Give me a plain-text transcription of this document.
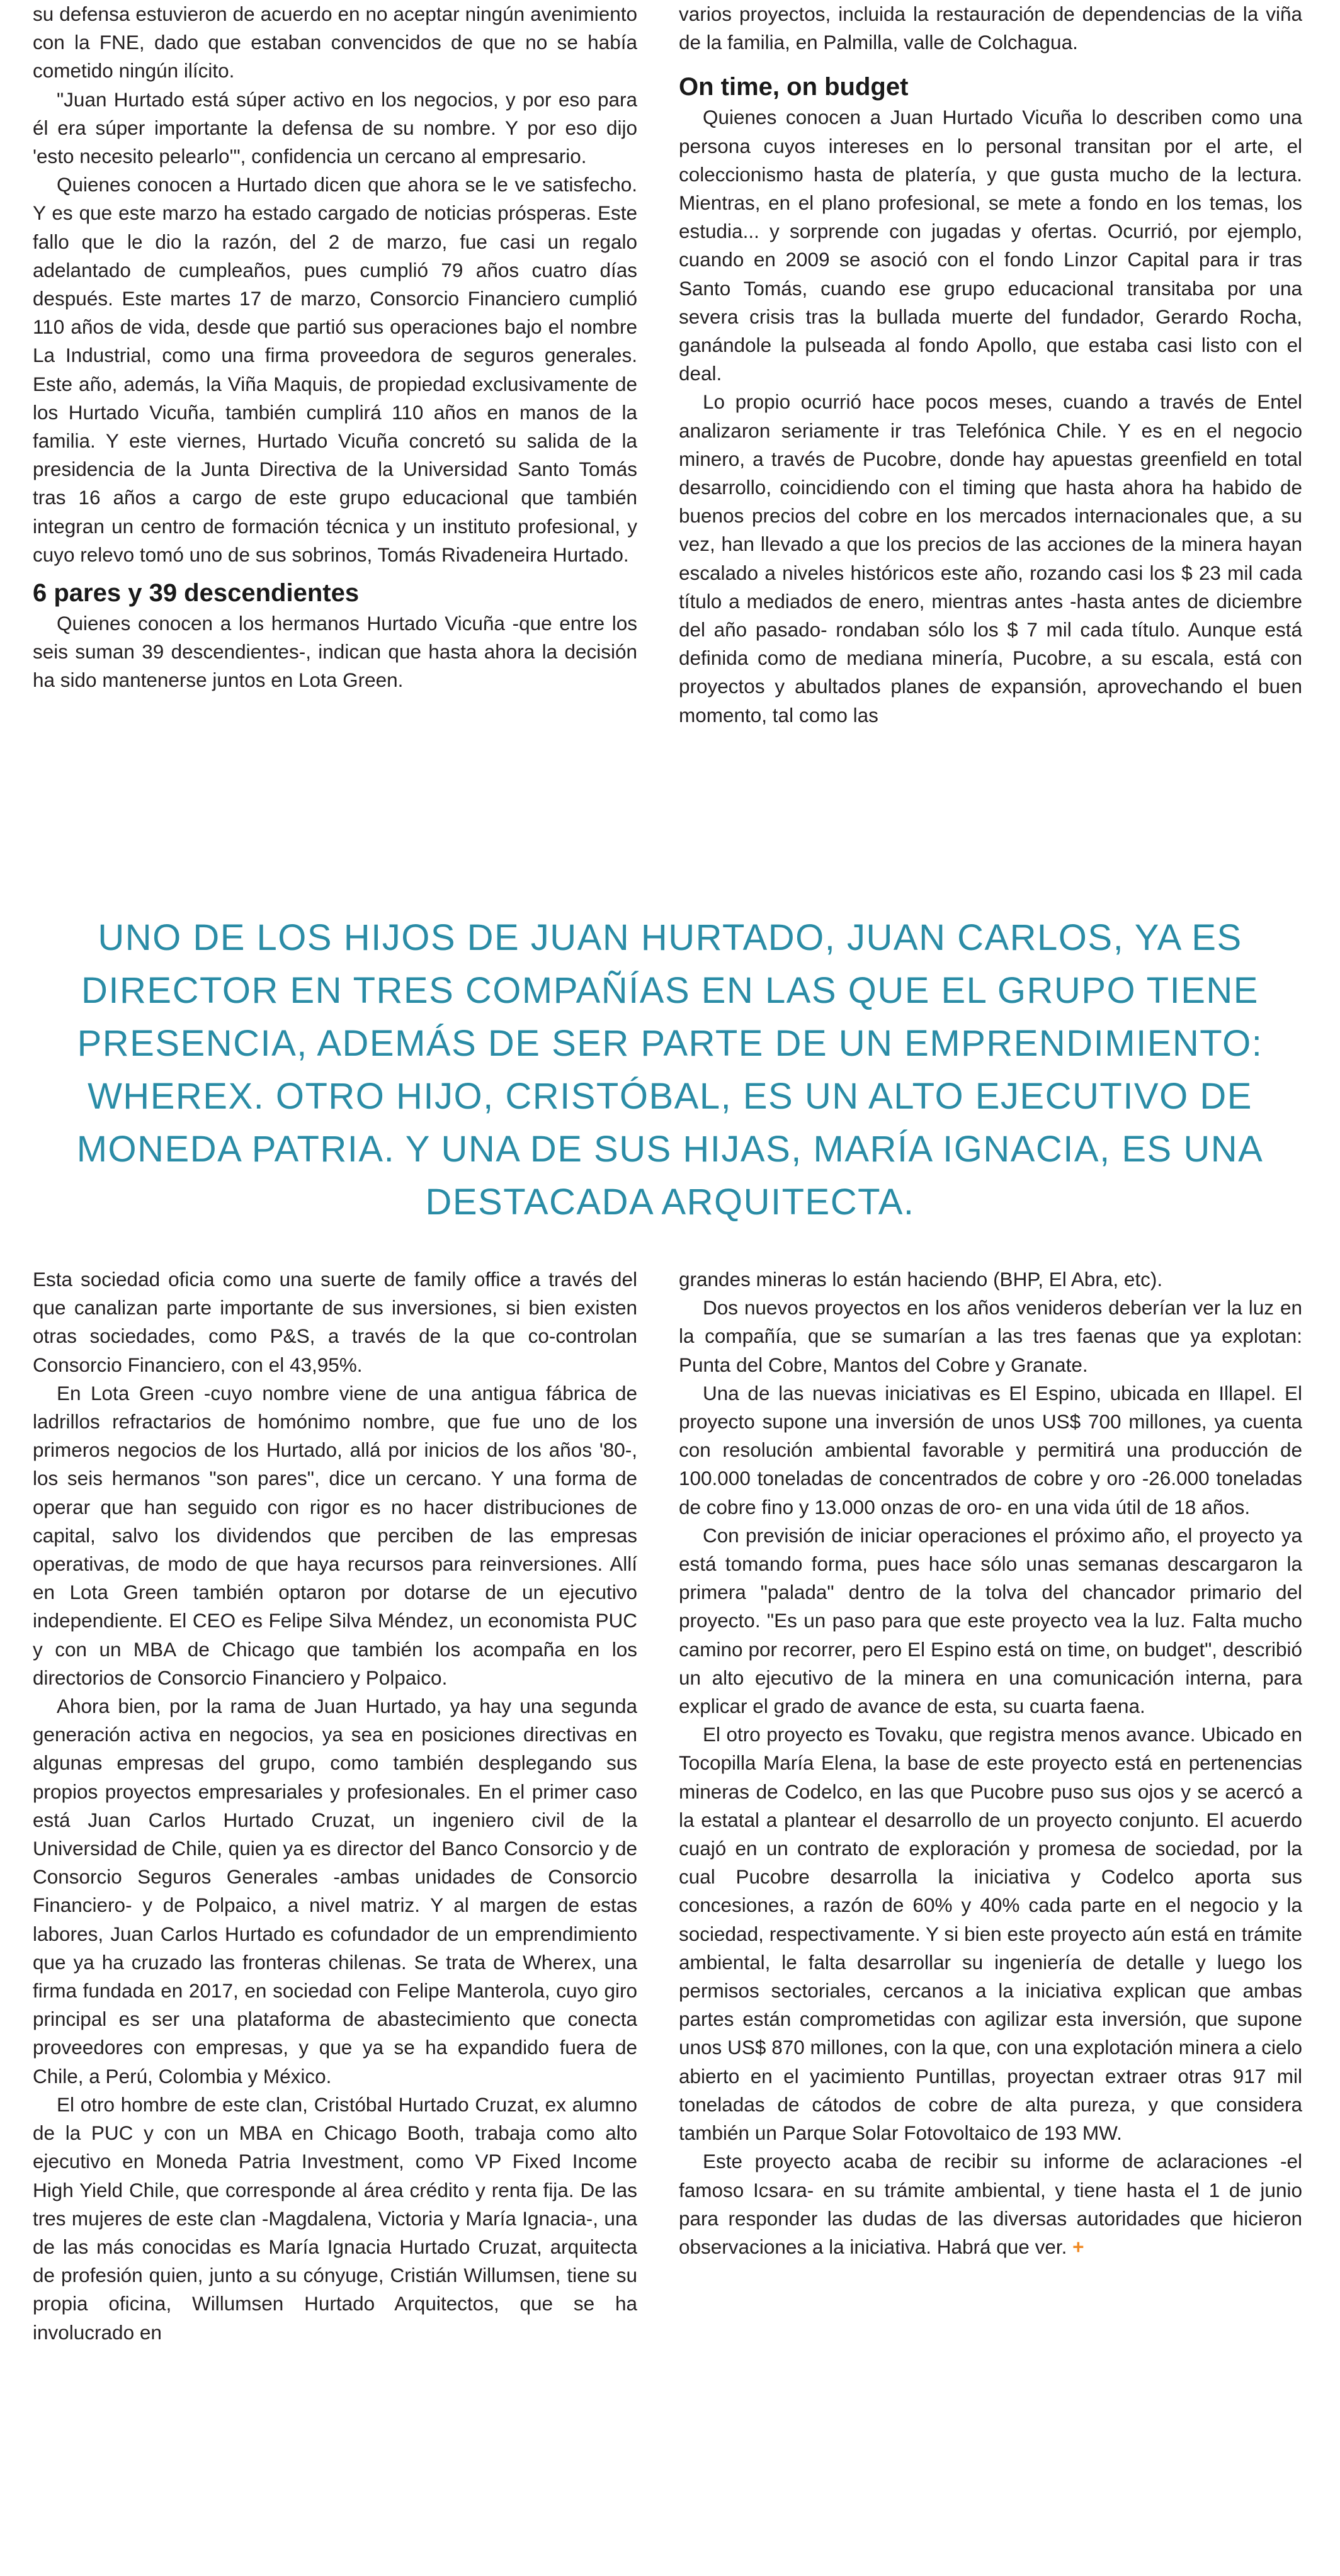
su defensa estuvieron de acuerdo en no aceptar ningún avenimiento con la FNE, dado que estaban convencidos de que no se había cometido ningún ilícito.

"Juan Hurtado está súper activo en los negocios, y por eso para él era súper importante la defensa de su nombre. Y por eso dijo 'esto necesito pelearlo'", confidencia un cercano al empresario.

Quienes conocen a Hurtado dicen que ahora se le ve satisfecho. Y es que este marzo ha estado cargado de noticias prósperas. Este fallo que le dio la razón, del 2 de marzo, fue casi un regalo adelantado de cumpleaños, pues cumplió 79 años cuatro días después. Este martes 17 de marzo, Consorcio Financiero cumplió 110 años de vida, desde que partió sus operaciones bajo el nombre La Industrial, como una firma proveedora de seguros generales. Este año, además, la Viña Maquis, de propiedad exclusivamente de los Hurtado Vicuña, también cumplirá 110 años en manos de la familia. Y este viernes, Hurtado Vicuña concretó su salida de la presidencia de la Junta Directiva de la Universidad Santo Tomás tras 16 años a cargo de este grupo educacional que también integran un centro de formación técnica y un instituto profesional, y cuyo relevo tomó uno de sus sobrinos, Tomás Rivadeneira Hurtado.

6 pares y 39 descendientes

Quienes conocen a los hermanos Hurtado Vicuña -que entre los seis suman 39 descendientes-, indican que hasta ahora la decisión ha sido mantenerse juntos en Lota Green.

varios proyectos, incluida la restauración de dependencias de la viña de la familia, en Palmilla, valle de Colchagua.

On time, on budget

Quienes conocen a Juan Hurtado Vicuña lo describen como una persona cuyos intereses en lo personal transitan por el arte, el coleccionismo hasta de platería, y que gusta mucho de la lectura. Mientras, en el plano profesional, se mete a fondo en los temas, los estudia... y sorprende con jugadas y ofertas. Ocurrió, por ejemplo, cuando en 2009 se asoció con el fondo Linzor Capital para ir tras Santo Tomás, cuando ese grupo educacional transitaba por una severa crisis tras la bullada muerte del fundador, Gerardo Rocha, ganándole la pulseada al fondo Apollo, que estaba casi listo con el deal.

Lo propio ocurrió hace pocos meses, cuando a través de Entel analizaron seriamente ir tras Telefónica Chile. Y es en el negocio minero, a través de Pucobre, donde hay apuestas greenfield en total desarrollo, coincidiendo con el timing que hasta ahora ha habido de buenos precios del cobre en los mercados internacionales que, a su vez, han llevado a que los precios de las acciones de la minera hayan escalado a niveles históricos este año, rozando casi los $ 23 mil cada título a mediados de enero, mientras antes -hasta antes de diciembre del año pasado- rondaban sólo los $ 7 mil cada título. Aunque está definida como de mediana minería, Pucobre, a su escala, está con proyectos y abultados planes de expansión, aprovechando el buen momento, tal como las

UNO DE LOS HIJOS DE JUAN HURTADO, JUAN CARLOS, YA ES DIRECTOR EN TRES COMPAÑÍAS EN LAS QUE EL GRUPO TIENE PRESENCIA, ADEMÁS DE SER PARTE DE UN EMPRENDIMIENTO: WHEREX. OTRO HIJO, CRISTÓBAL, ES UN ALTO EJECUTIVO DE MONEDA PATRIA. Y UNA DE SUS HIJAS, MARÍA IGNACIA, ES UNA DESTACADA ARQUITECTA.

Esta sociedad oficia como una suerte de family office a través del que canalizan parte importante de sus inversiones, si bien existen otras sociedades, como P&S, a través de la que co-controlan Consorcio Financiero, con el 43,95%.

En Lota Green -cuyo nombre viene de una antigua fábrica de ladrillos refractarios de homónimo nombre, que fue uno de los primeros negocios de los Hurtado, allá por inicios de los años '80-, los seis hermanos "son pares", dice un cercano. Y una forma de operar que han seguido con rigor es no hacer distribuciones de capital, salvo los dividendos que perciben de las empresas operativas, de modo de que haya recursos para reinversiones. Allí en Lota Green también optaron por dotarse de un ejecutivo independiente. El CEO es Felipe Silva Méndez, un economista PUC y con un MBA de Chicago que también los acompaña en los directorios de Consorcio Financiero y Polpaico.

Ahora bien, por la rama de Juan Hurtado, ya hay una segunda generación activa en negocios, ya sea en posiciones directivas en algunas empresas del grupo, como también desplegando sus propios proyectos empresariales y profesionales. En el primer caso está Juan Carlos Hurtado Cruzat, un ingeniero civil de la Universidad de Chile, quien ya es director del Banco Consorcio y de Consorcio Seguros Generales -ambas unidades de Consorcio Financiero- y de Polpaico, a nivel matriz. Y al margen de estas labores, Juan Carlos Hurtado es cofundador de un emprendimiento que ya ha cruzado las fronteras chilenas. Se trata de Wherex, una firma fundada en 2017, en sociedad con Felipe Manterola, cuyo giro principal es ser una plataforma de abastecimiento que conecta proveedores con empresas, y que ya se ha expandido fuera de Chile, a Perú, Colombia y México.

El otro hombre de este clan, Cristóbal Hurtado Cruzat, ex alumno de la PUC y con un MBA en Chicago Booth, trabaja como alto ejecutivo en Moneda Patria Investment, como VP Fixed Income High Yield Chile, que corresponde al área crédito y renta fija. De las tres mujeres de este clan -Magdalena, Victoria y María Ignacia-, una de las más conocidas es María Ignacia Hurtado Cruzat, arquitecta de profesión quien, junto a su cónyuge, Cristián Willumsen, tiene su propia oficina, Willumsen Hurtado Arquitectos, que se ha involucrado en

grandes mineras lo están haciendo (BHP, El Abra, etc).

Dos nuevos proyectos en los años venideros deberían ver la luz en la compañía, que se sumarían a las tres faenas que ya explotan: Punta del Cobre, Mantos del Cobre y Granate.

Una de las nuevas iniciativas es El Espino, ubicada en Illapel. El proyecto supone una inversión de unos US$ 700 millones, ya cuenta con resolución ambiental favorable y permitirá una producción de 100.000 toneladas de concentrados de cobre y oro -26.000 toneladas de cobre fino y 13.000 onzas de oro- en una vida útil de 18 años.

Con previsión de iniciar operaciones el próximo año, el proyecto ya está tomando forma, pues hace sólo unas semanas descargaron la primera "palada" dentro de la tolva del chancador primario del proyecto. "Es un paso para que este proyecto vea la luz. Falta mucho camino por recorrer, pero El Espino está on time, on budget", describió un alto ejecutivo de la minera en una comunicación interna, para explicar el grado de avance de esta, su cuarta faena.

El otro proyecto es Tovaku, que registra menos avance. Ubicado en Tocopilla María Elena, la base de este proyecto está en pertenencias mineras de Codelco, en las que Pucobre puso sus ojos y se acercó a la estatal a plantear el desarrollo de un proyecto conjunto. El acuerdo cuajó en un contrato de exploración y promesa de sociedad, por la cual Pucobre desarrolla la iniciativa y Codelco aporta sus concesiones, a razón de 60% y 40% cada parte en el negocio y la sociedad, respectivamente. Y si bien este proyecto aún está en trámite ambiental, le falta desarrollar su ingeniería de detalle y luego los permisos sectoriales, cercanos a la iniciativa explican que ambas partes están comprometidas con agilizar esta inversión, que supone unos US$ 870 millones, con la que, con una explotación minera a cielo abierto en el yacimiento Puntillas, proyectan extraer otras 917 mil toneladas de cátodos de cobre de alta pureza, y que considera también un Parque Solar Fotovoltaico de 193 MW.

Este proyecto acaba de recibir su informe de aclaraciones -el famoso Icsara- en su trámite ambiental, y tiene hasta el 1 de junio para responder las dudas de las diversas autoridades que hicieron observaciones a la iniciativa. Habrá que ver. +
